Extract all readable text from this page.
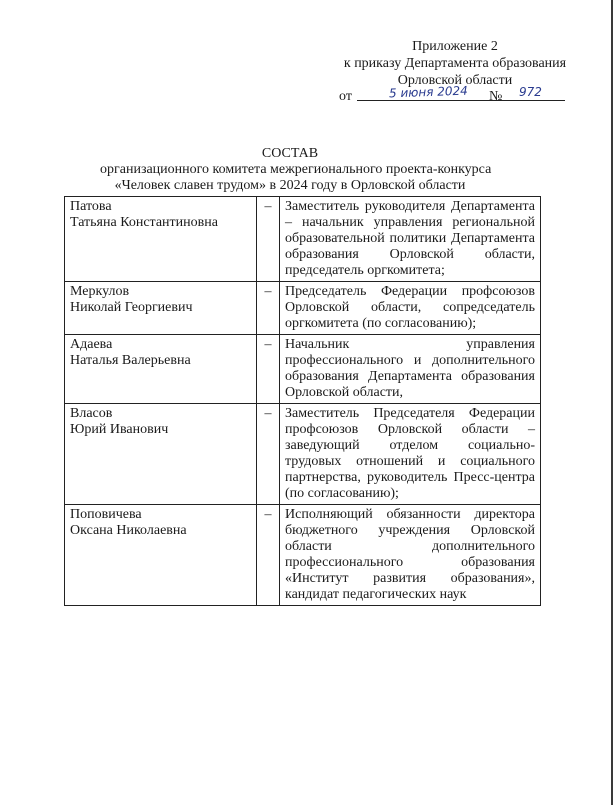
Приложение 2
к приказу Департамента образования
Орловской области
от	5 июня 2024 № 972
СОСТАВ
организационного комитета межрегионального проекта-конкурса
«Человек славен трудом» в 2024 году в Орловской области
Патова
Татьяна Константиновна	–	Заместитель руководителя Департамента – начальник управления региональной образовательной политики Департамента образования Орловской области, председатель оргкомитета;

Меркулов
Николай Георгиевич	–	Председатель Федерации профсоюзов Орловской области, сопредседатель оргкомитета (по согласованию);

Адаева
Наталья Валерьевна	–	Начальник управления профессионального и дополнительного образования Департамента образования Орловской области,

Власов
Юрий Иванович	–	Заместитель Председателя Федерации профсоюзов Орловской области – заведующий отделом социально-трудовых отношений и социального партнерства, руководитель Пресс-центра (по согласованию);

Поповичева
Оксана Николаевна	–	Исполняющий обязанности директора бюджетного учреждения Орловской области дополнительного профессионального образования «Институт развития образования», кандидат педагогических наук
